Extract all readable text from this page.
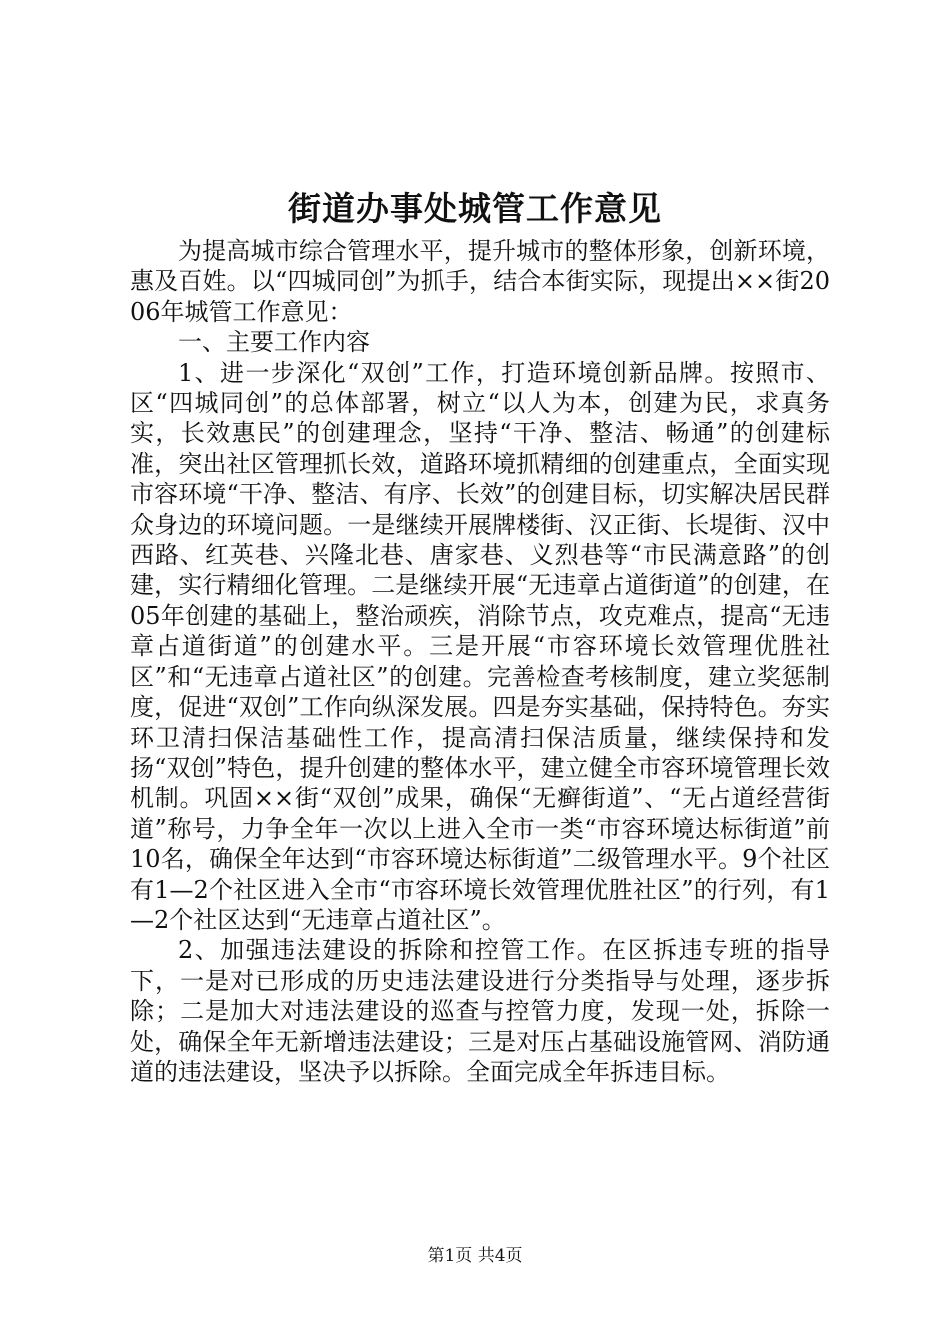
街道办事处城管工作意见

为提高城市综合管理水平，提升城市的整体形象，创新环境，惠及百姓。以“四城同创”为抓手，结合本街实际，现提出××街2006年城管工作意见：

一、主要工作内容

1、进一步深化“双创”工作，打造环境创新品牌。按照市、区“四城同创”的总体部署，树立“以人为本，创建为民，求真务实，长效惠民”的创建理念，坚持“干净、整洁、畅通”的创建标准，突出社区管理抓长效，道路环境抓精细的创建重点，全面实现市容环境“干净、整洁、有序、长效”的创建目标，切实解决居民群众身边的环境问题。一是继续开展牌楼街、汉正街、长堤街、汉中西路、红英巷、兴隆北巷、唐家巷、义烈巷等“市民满意路”的创建，实行精细化管理。二是继续开展“无违章占道街道”的创建，在05年创建的基础上，整治顽疾，消除节点，攻克难点，提高“无违章占道街道”的创建水平。三是开展“市容环境长效管理优胜社区”和“无违章占道社区”的创建。完善检查考核制度，建立奖惩制度，促进“双创”工作向纵深发展。四是夯实基础，保持特色。夯实环卫清扫保洁基础性工作，提高清扫保洁质量，继续保持和发扬“双创”特色，提升创建的整体水平，建立健全市容环境管理长效机制。巩固××街“双创”成果，确保“无癣街道”、“无占道经营街道”称号，力争全年一次以上进入全市一类“市容环境达标街道”前10名，确保全年达到“市容环境达标街道”二级管理水平。9个社区有1—2个社区进入全市“市容环境长效管理优胜社区”的行列，有1—2个社区达到“无违章占道社区”。

2、加强违法建设的拆除和控管工作。在区拆违专班的指导下，一是对已形成的历史违法建设进行分类指导与处理，逐步拆除；二是加大对违法建设的巡查与控管力度，发现一处，拆除一处，确保全年无新增违法建设；三是对压占基础设施管网、消防通道的违法建设，坚决予以拆除。全面完成全年拆违目标。

第1页 共4页
